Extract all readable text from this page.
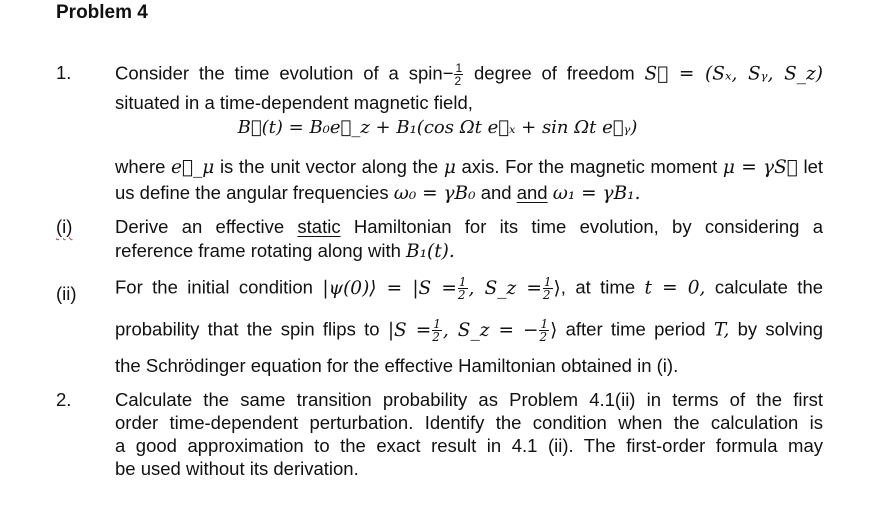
Problem 4
1. Consider the time evolution of a spin− $\frac{1}{2}$ degree of freedom S⃗ = (Sₓ, Sᵧ, S_z)
situated in a time-dependent magnetic field,
B⃗(t) = B₀e⃗_z + B₁(cos Ωt e⃗ₓ + sin Ωt e⃗ᵧ)
where e⃗_μ is the unit vector along the μ axis. For the magnetic moment μ = γS⃗ let
us define the angular frequencies ω₀ = γB₀ and and ω₁ = γB₁.
(i) Derive an effective static Hamiltonian for its time evolution, by considering a
reference frame rotating along with B₁(t).
(ii) For the initial condition |ψ(0)⟩ = $|S = \frac{1}{2}$ , S_z = $\frac{1}{2}$ ⟩, at time t = 0, calculate the
probability that the spin flips to $|S = \frac{1}{2}$ , S_z = − $\frac{1}{2}$ ⟩ after time period T, by solving
the Schrödinger equation for the effective Hamiltonian obtained in (i).
2. Calculate the same transition probability as Problem 4.1(ii) in terms of the first
order time-dependent perturbation. Identify the condition when the calculation is
a good approximation to the exact result in 4.1 (ii). The first-order formula may
be used without its derivation.
